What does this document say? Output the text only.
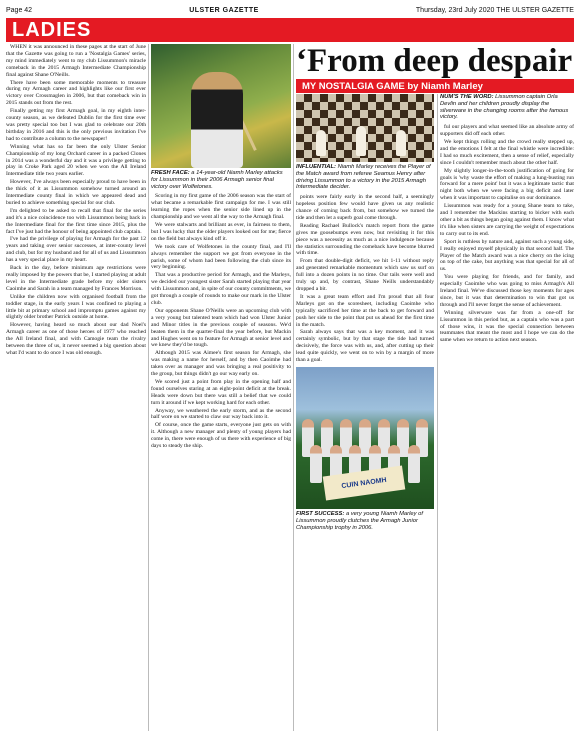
Page 42	ULSTER GAZETTE	Thursday, 23rd July 2020 THE ULSTER GAZETTE
LADIES

WHEN it was announced in these pages at the start of June that the Gazette was going to run a 'Nostalgia Games' series, my mind immediately went to my club Lissummon's miracle comeback in the 2015 Armagh Intermediate Championship final against Shane O'Neills.

There have been some memorable moments to treasure during my Armagh career and highlights like our first ever victory over Crossmaglen in 2006, but that comeback win in 2015 stands out from the rest.

Finally getting my first Armagh goal, in my eighth inter-county season, as we defeated Dublin for the first time ever was pretty special too but I was glad to celebrate our 20th birthday in 2016 and this is the only previous invitation I've had to contribute a column to the newspaper!

Winning what has so far been the only Ulster Senior Championship of my long Orchard career in a packed Clones in 2014 was a wonderful day and it was a privilege getting to play in Croke Park aged 20 when we won the All Ireland Intermediate title two years earlier.

However, I've always been especially proud to have been in the thick of it as Lissummon somehow turned around an Intermediate county final in which we appeared dead and buried to achieve something special for our club.

I'm delighted to be asked to recall that final for the series and it's a nice coincidence too with Lissummon being back in the Intermediate final for the first time since 2015, plus the fact I've just had the honour of being appointed club captain.

I've had the privilege of playing for Armagh for the past 12 years and taking over senior successes, at inter-county level and club, but for my husband and for all of us and Lissummon has a very special place in my heart.

Back in the day, before minimum age restrictions were really imposed by the powers that be, I started playing at adult level in the Intermediate grade before my older sisters Caoimhe and Sarah in a team managed by Frances Morrison.

Unlike the children now with organised football from the toddler stage, in the early years I was confined to playing a little bit at primary school and impromptu games against my slightly older brother Patrick outside at home.

However, having heard so much about our dad Noel's Armagh career as one of those heroes of 1977 who reached the All Ireland final, and with Camogie team the rivalry between the three of us, it never seemed a big question about what I'd want to do once I was old enough.

FRESH FACE: a 14-year-old Niamh Marley attacks for Lissummon in their 2006 Armagh senior final victory over Wolfetones.

Scoring in my first game of the 2006 season was the start of what became a remarkable first campaign for me. I was still learning the ropes when the senior side lined up in the championship and we went all the way to the Armagh final.

We were stalwarts and brilliant as ever, in fairness to them, but I was lucky that the older players looked out for me; fierce on the field but always kind off it.

We took care of Wolfetones in the county final, and I'll always remember the support we got from everyone in the parish, some of whom had been following the club since its very beginning.

That was a productive period for Armagh, and the Marleys, we decided our youngest sister Sarah started playing that year with Lissummon and, in spite of our county commitments, we got through a couple of rounds to make our mark in the Ulster club.

Our opponents Shane O'Neills were an upcoming club with a very young but talented team which had won Ulster Junior and Minor titles in the previous couple of seasons. We'd beaten them in the quarter-final the year before, but Mackin and Hughes went on to feature for Armagh at senior level and we knew they'd be tough.

Although 2015 was Aimee's first season for Armagh, she was making a name for herself, and by then Caoimhe had taken over as manager and was bringing a real positivity to the group, but things didn't go our way early on.

We scored just a point from play in the opening half and found ourselves staring at an eight-point deficit at the break. Heads were down but there was still a belief that we could turn it around if we kept working hard for each other.

Anyway, we weathered the early storm, and as the second half wore on we started to claw our way back into it.

Of course, once the game starts, everyone just gets on with it. Although a new manager and plenty of young players had come in, there were enough of us there with experience of big days to steady the ship.

‘From deep despair
MY NOSTALGIA GAME by Niamh Marley
INFLUENTIAL: Niamh Marley receives the Player of the Match award from referee Seamus Henry after driving Lissummon to a victory in the 2015 Armagh Intermediate decider.

points were fairly early in the second half, a seemingly hopeless position few would have given us any realistic chance of coming back from, but somehow we turned the tide and then let a superb goal come through.

Reading Rachael Bullock's match report from the game gives me goosebumps even now, but revisiting it for this piece was a necessity as much as a nice indulgence because the statistics surrounding the comeback have become blurred with time.

From that double-digit deficit, we hit 1-11 without reply and generated remarkable momentum which saw us surf on full into a dozen points in no time. Our tails were well and truly up and, by contrast, Shane Neills understandably dropped a bit.

It was a great team effort and I'm proud that all four Marleys got on the scoresheet, including Caoimhe who typically sacrificed her time at the back to get forward and push her side to the point that put us ahead for the first time in the match.

Sarah always says that was a key moment, and it was certainly symbolic, but by that stage the tide had turned decisively, the force was with us, and, after cutting up their lead quite quickly, we went on to win by a margin of more than a goal.

CUIN NAOMH
FIRST SUCCESS: a very young Niamh Marley of Lissummon proudly clutches the Armagh Junior Championship trophy in 2006.
NUM'S THE WORD: Lissummon captain Orla Devlin and her children proudly display the silverware in the changing rooms after the famous victory.

ful our players and what seemed like an absolute army of supporters did off each other.

We kept things rolling and the crowd really stepped up, and the emotions I felt at the final whistle were incredible: I had so much excitement, then a sense of relief, especially since I couldn't remember much about the other half.

My slightly longer-in-the-tooth justification of going for goals is 'why waste the effort of making a lung-busting run forward for a mere point' but it was a legitimate tactic that night both when we were facing a big deficit and later when it was important to capitalise on our dominance.

Lissummon was ready for a young Shane team to take, and I remember the Mackins starting to bicker with each other a bit as things began going against them. I know what it's like when sisters are carrying the weight of expectations to carry out to its end.

Sport is ruthless by nature and, against such a young side, I really enjoyed myself physically in that second half. The Player of the Match award was a nice cherry on the icing on top of the cake, but anything was that special for all of us.

You were playing for friends, and for family, and especially Caoimhe who was going to miss Armagh's All Ireland final. We've discussed those key moments for ages since, but it was that determination to win that got us through and I'll never forget the sense of achievement.

Winning silverware was far from a one-off for Lissummon in this period but, as a captain who was a part of those wins, it was the special connection between teammates that meant the most and I hope we can do the same when we return to action next season.
